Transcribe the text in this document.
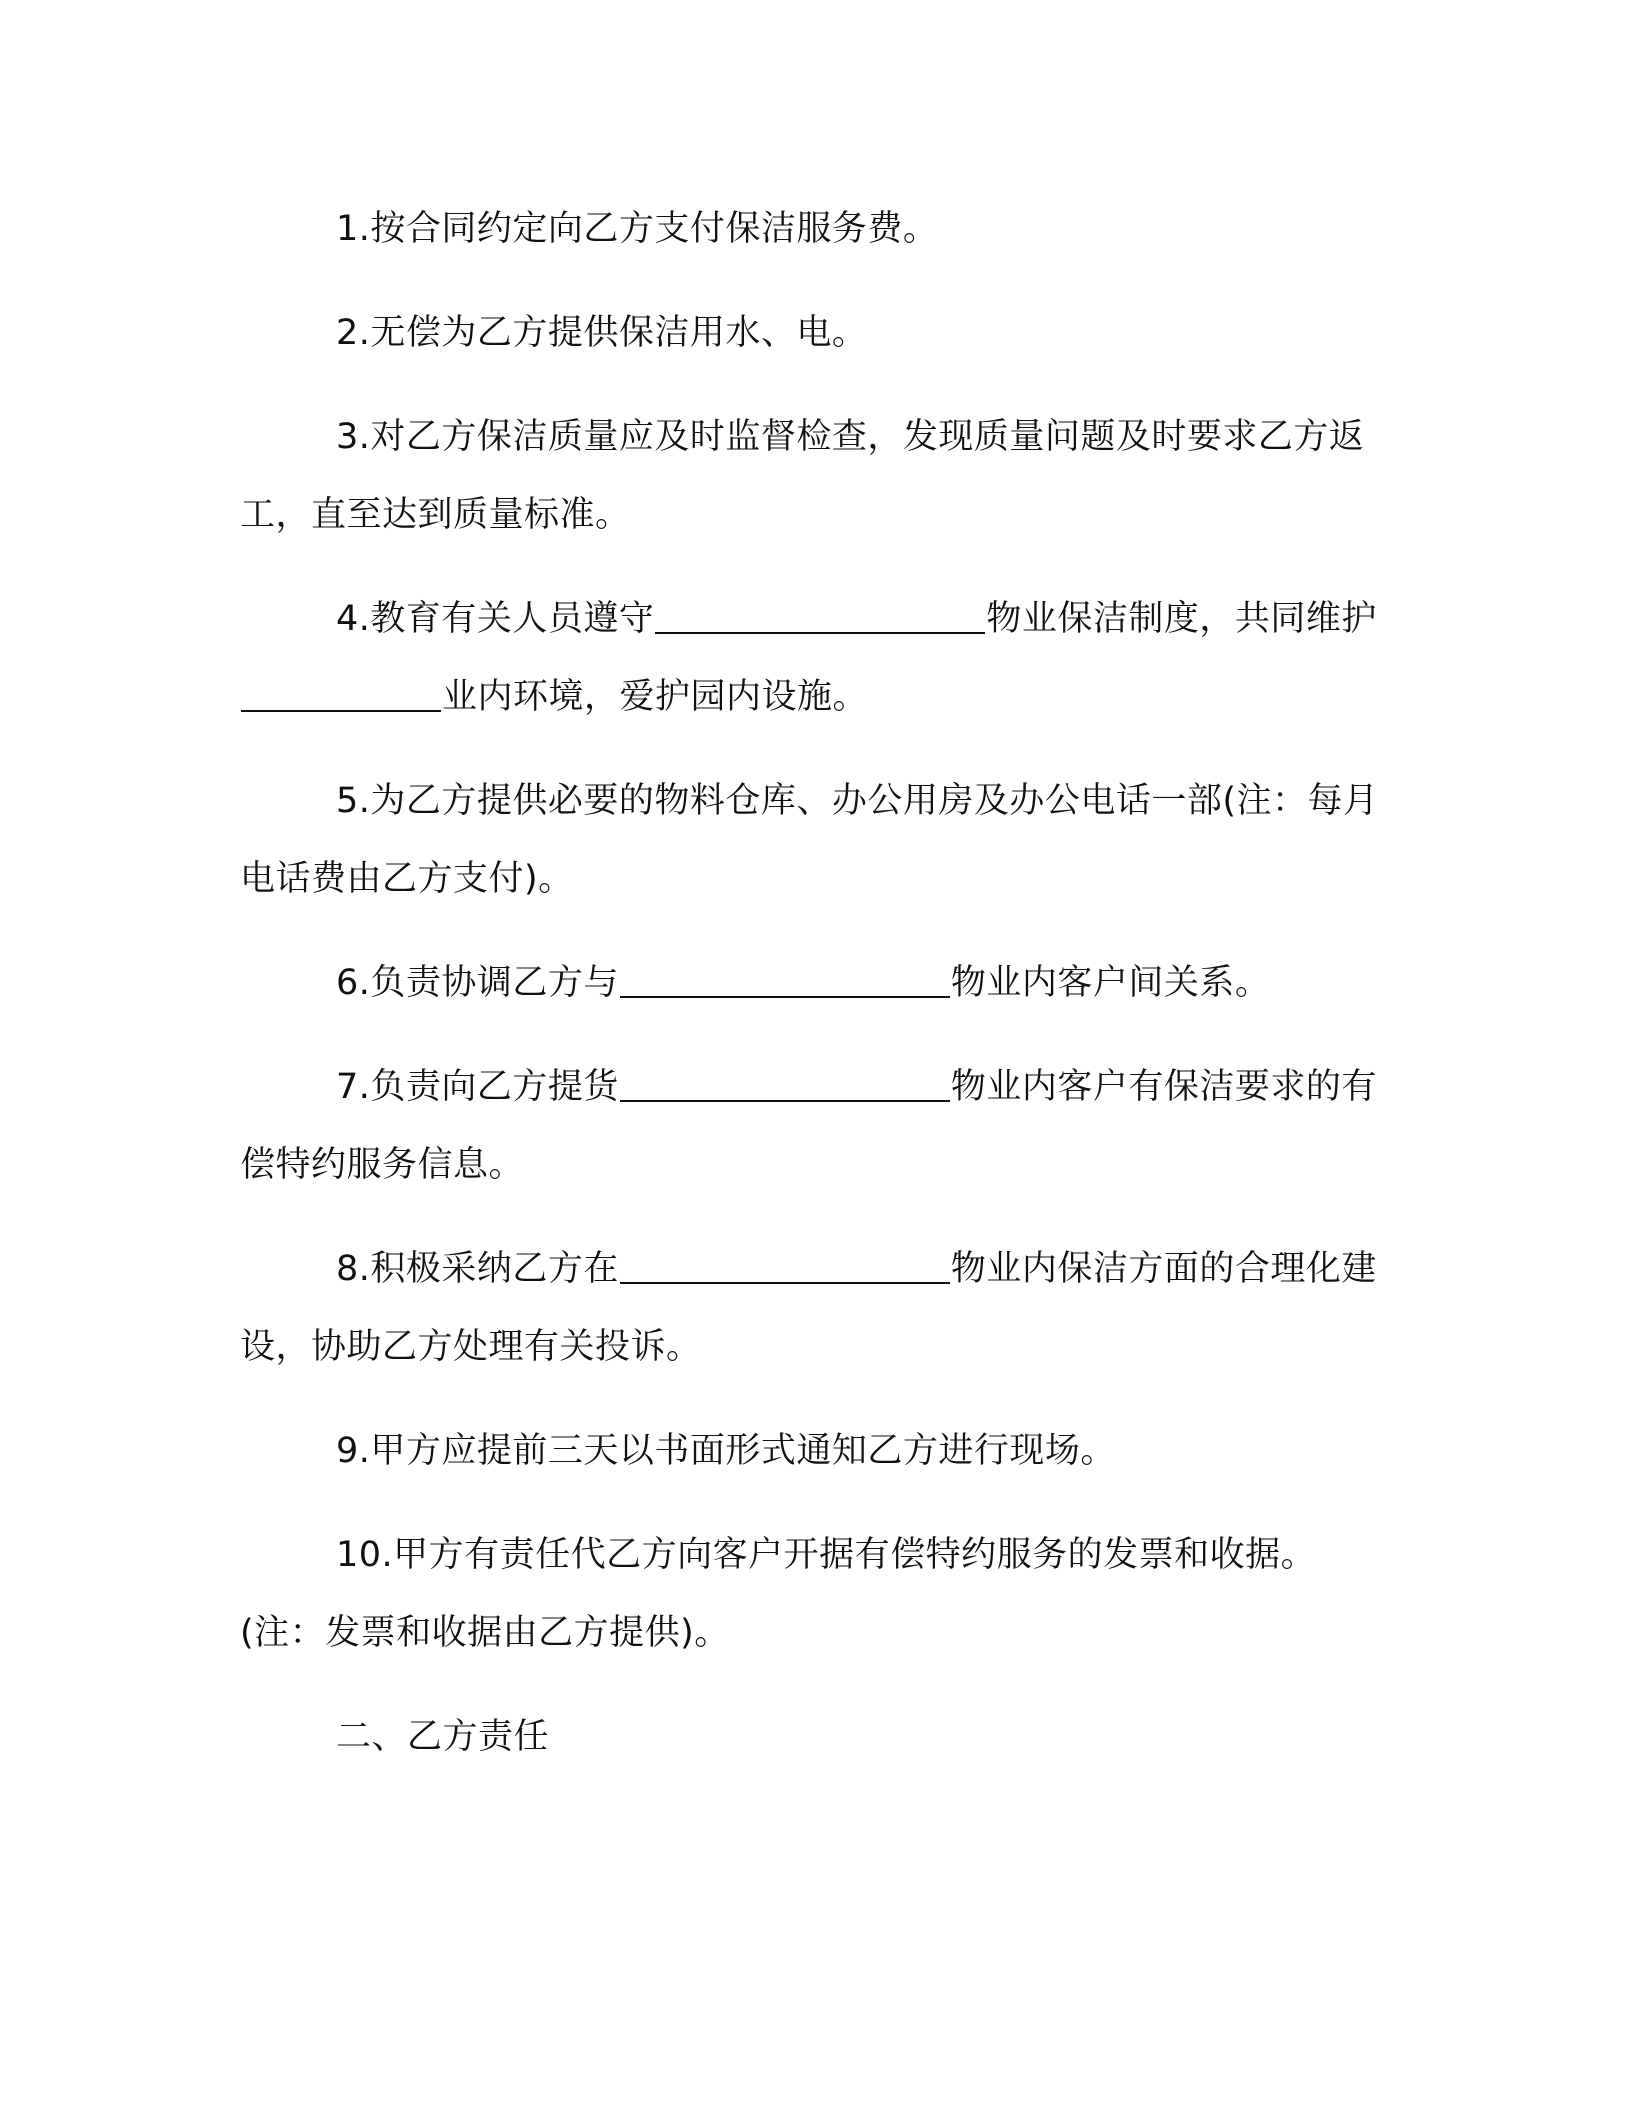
1.按合同约定向乙方支付保洁服务费。

2.无偿为乙方提供保洁用水、电。

3.对乙方保洁质量应及时监督检查，发现质量问题及时要求乙方返工，直至达到质量标准。

4.教育有关人员遵守	物业保洁制度，共同维护业内环境，爱护园内设施。

5.为乙方提供必要的物料仓库、办公用房及办公电话一部(注：每月电话费由乙方支付)。

6.负责协调乙方与	物业内客户间关系。

7.负责向乙方提货	物业内客户有保洁要求的有偿特约服务信息。

8.积极采纳乙方在	物业内保洁方面的合理化建设，协助乙方处理有关投诉。

9.甲方应提前三天以书面形式通知乙方进行现场。

10.甲方有责任代乙方向客户开据有偿特约服务的发票和收据。(注：发票和收据由乙方提供)。

二、乙方责任
